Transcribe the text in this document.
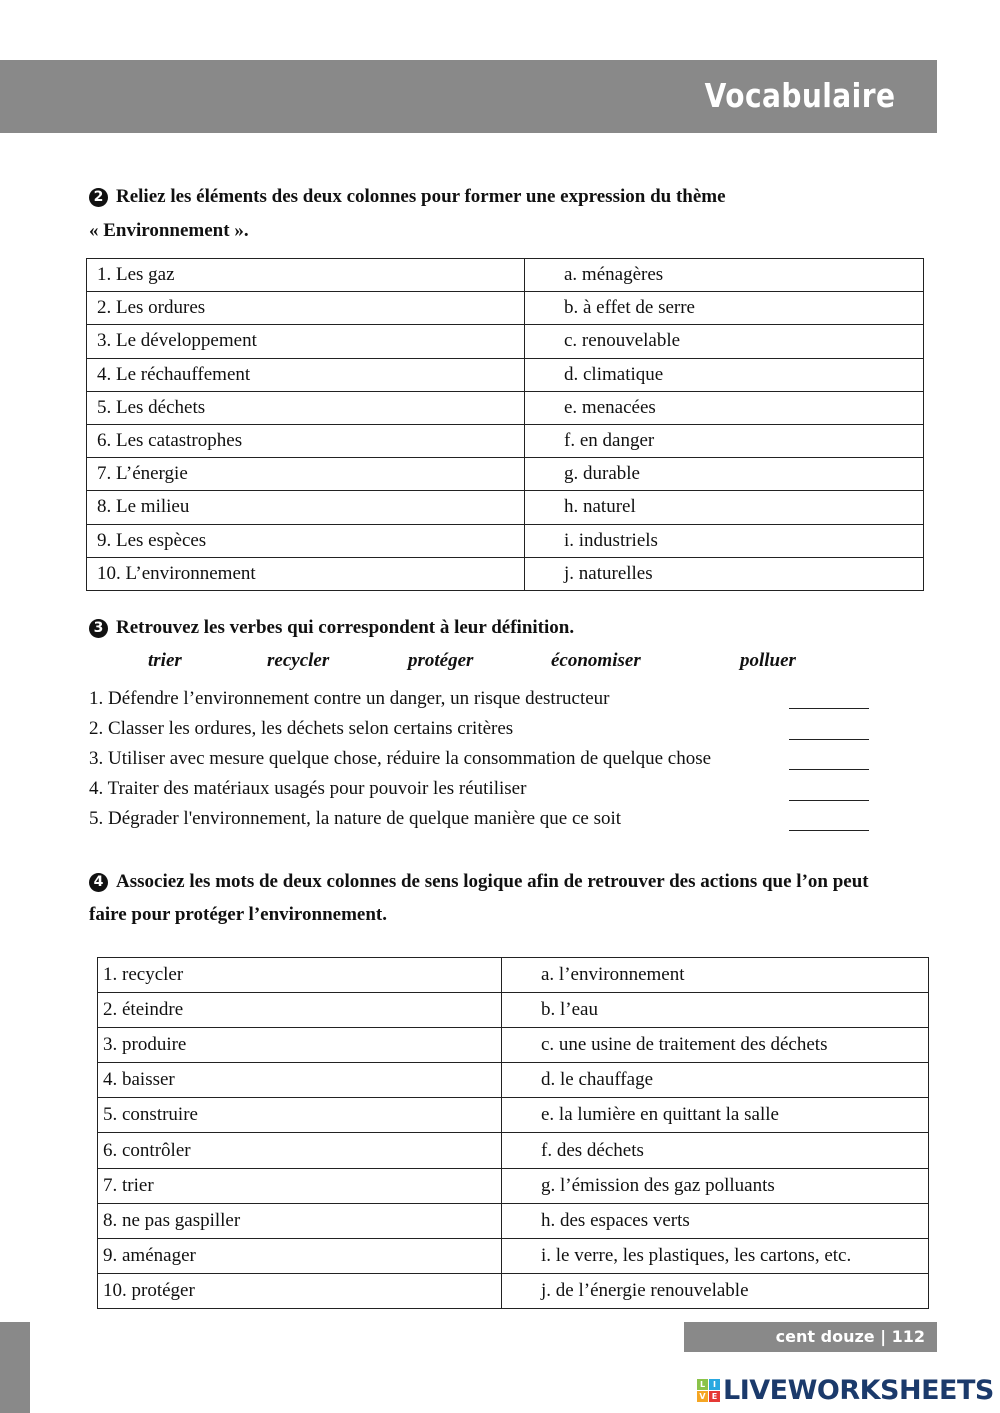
Vocabulaire
2 Reliez les éléments des deux colonnes pour former une expression du thème
« Environnement ».
1. Les gaz	a. ménagères
2. Les ordures	b. à effet de serre
3. Le développement	c. renouvelable
4. Le réchauffement	d. climatique
5. Les déchets	e. menacées
6. Les catastrophes	f. en danger
7. L’énergie	g. durable
8. Le milieu	h. naturel
9. Les espèces	i. industriels
10. L’environnement	j. naturelles
3 Retrouvez les verbes qui correspondent à leur définition.
trier	recycler	protéger	économiser	polluer
1. Défendre l’environnement contre un danger, un risque destructeur
2. Classer les ordures, les déchets selon certains critères
3. Utiliser avec mesure quelque chose, réduire la consommation de quelque chose
4. Traiter des matériaux usagés pour pouvoir les réutiliser
5. Dégrader l'environnement, la nature de quelque manière que ce soit
4 Associez les mots de deux colonnes de sens logique afin de retrouver des actions que l’on peut
faire pour protéger l’environnement.
1. recycler	a. l’environnement
2. éteindre	b. l’eau
3. produire	c. une usine de traitement des déchets
4. baisser	d. le chauffage
5. construire	e. la lumière en quittant la salle
6. contrôler	f. des déchets
7. trier	g. l’émission des gaz polluants
8. ne pas gaspiller	h. des espaces verts
9. aménager	i. le verre, les plastiques, les cartons, etc.
10. protéger	j. de l’énergie renouvelable
cent douze | 112
L I
V E LIVEWORKSHEETS
